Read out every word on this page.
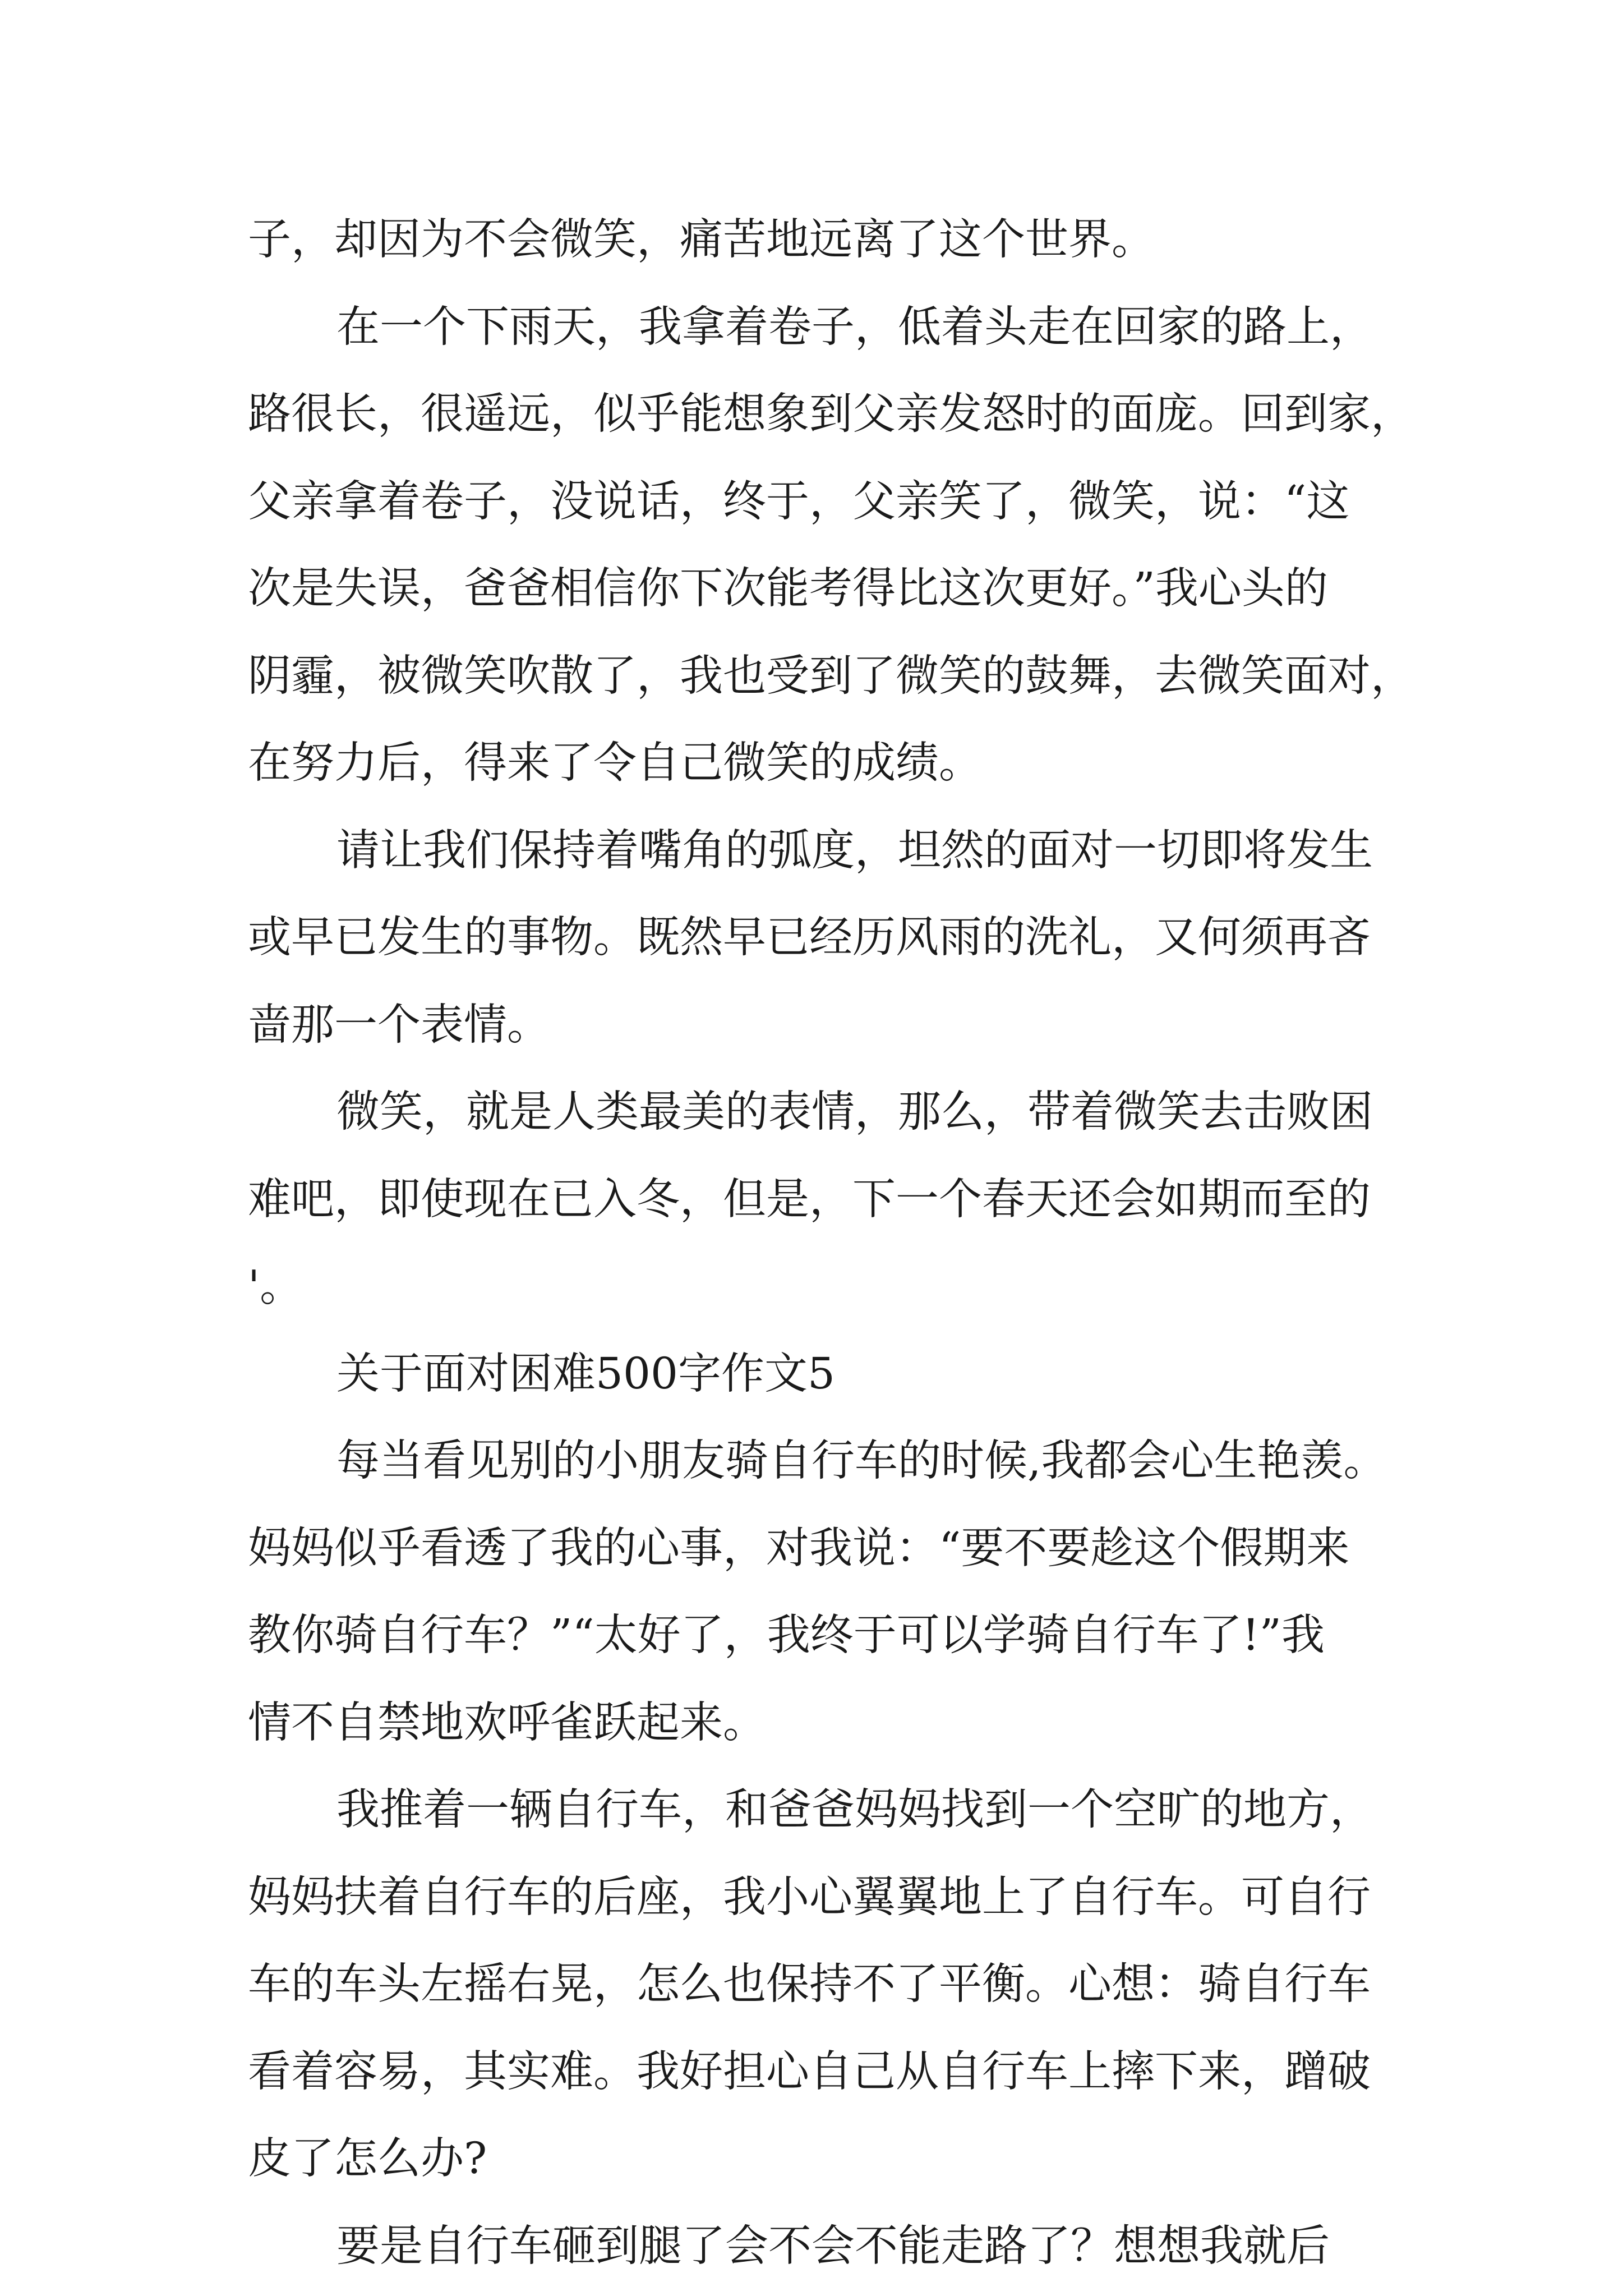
子，却因为不会微笑，痛苦地远离了这个世界。
在一个下雨天，我拿着卷子，低着头走在回家的路上，
路很长，很遥远，似乎能想象到父亲发怒时的面庞。回到家，
父亲拿着卷子，没说话，终于，父亲笑了，微笑，说：“这
次是失误，爸爸相信你下次能考得比这次更好。”我心头的
阴霾，被微笑吹散了，我也受到了微笑的鼓舞，去微笑面对，
在努力后，得来了令自己微笑的成绩。
请让我们保持着嘴角的弧度，坦然的面对一切即将发生
或早已发生的事物。既然早已经历风雨的洗礼，又何须再吝
啬那一个表情。
微笑，就是人类最美的表情，那么，带着微笑去击败困
难吧，即使现在已入冬，但是，下一个春天还会如期而至的
'。
关于面对困难500字作文5
每当看见别的小朋友骑自行车的时候,我都会心生艳羡。
妈妈似乎看透了我的心事，对我说：“要不要趁这个假期来
教你骑自行车？”“太好了，我终于可以学骑自行车了!”我
情不自禁地欢呼雀跃起来。
我推着一辆自行车，和爸爸妈妈找到一个空旷的地方，
妈妈扶着自行车的后座，我小心翼翼地上了自行车。可自行
车的车头左摇右晃，怎么也保持不了平衡。心想：骑自行车
看着容易，其实难。我好担心自己从自行车上摔下来，蹭破
皮了怎么办?
要是自行车砸到腿了会不会不能走路了？想想我就后
